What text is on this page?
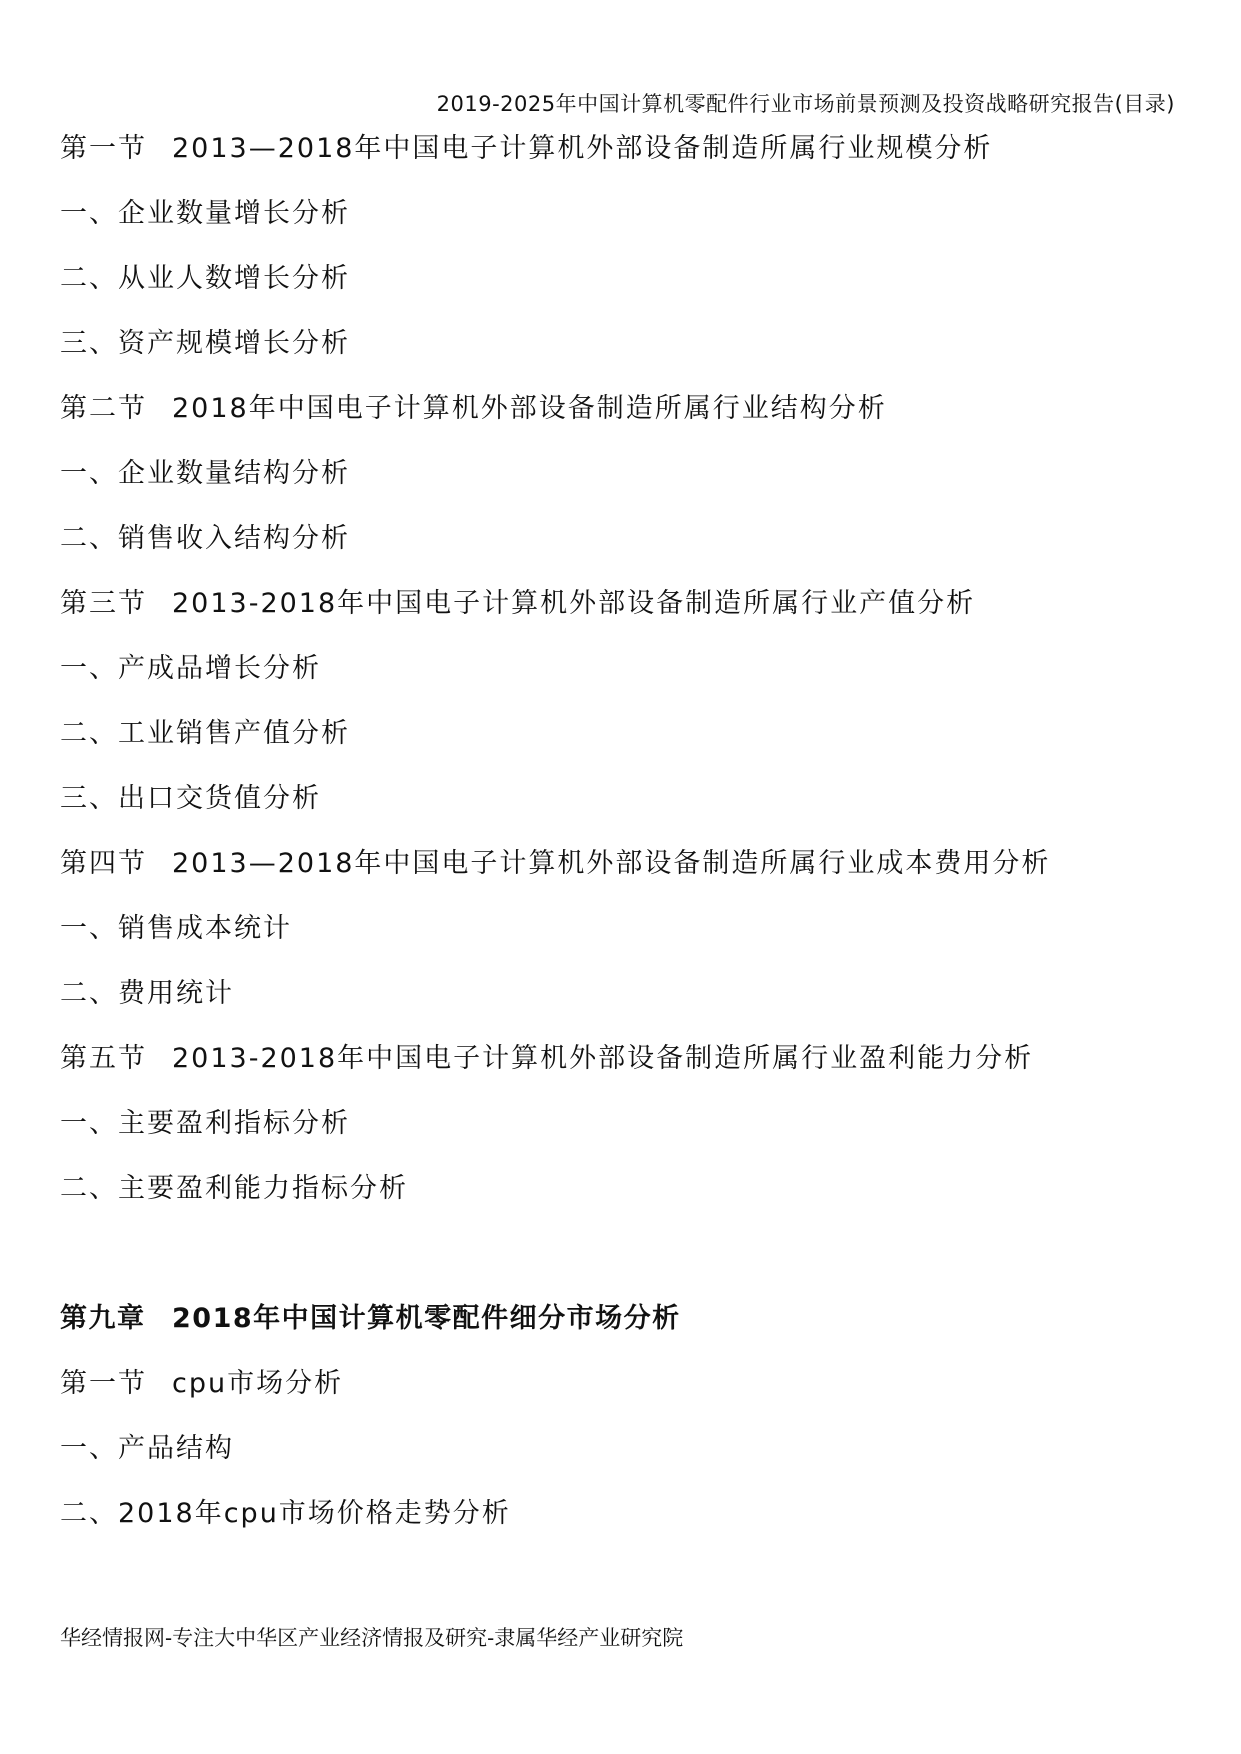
2019-2025年中国计算机零配件行业市场前景预测及投资战略研究报告(目录)
第一节 2013—2018年中国电子计算机外部设备制造所属行业规模分析
一、企业数量增长分析
二、从业人数增长分析
三、资产规模增长分析
第二节 2018年中国电子计算机外部设备制造所属行业结构分析
一、企业数量结构分析
二、销售收入结构分析
第三节 2013-2018年中国电子计算机外部设备制造所属行业产值分析
一、产成品增长分析
二、工业销售产值分析
三、出口交货值分析
第四节 2013—2018年中国电子计算机外部设备制造所属行业成本费用分析
一、销售成本统计
二、费用统计
第五节 2013-2018年中国电子计算机外部设备制造所属行业盈利能力分析
一、主要盈利指标分析
二、主要盈利能力指标分析
第九章 2018年中国计算机零配件细分市场分析
第一节 cpu市场分析
一、产品结构
二、2018年cpu市场价格走势分析
华经情报网-专注大中华区产业经济情报及研究-隶属华经产业研究院
